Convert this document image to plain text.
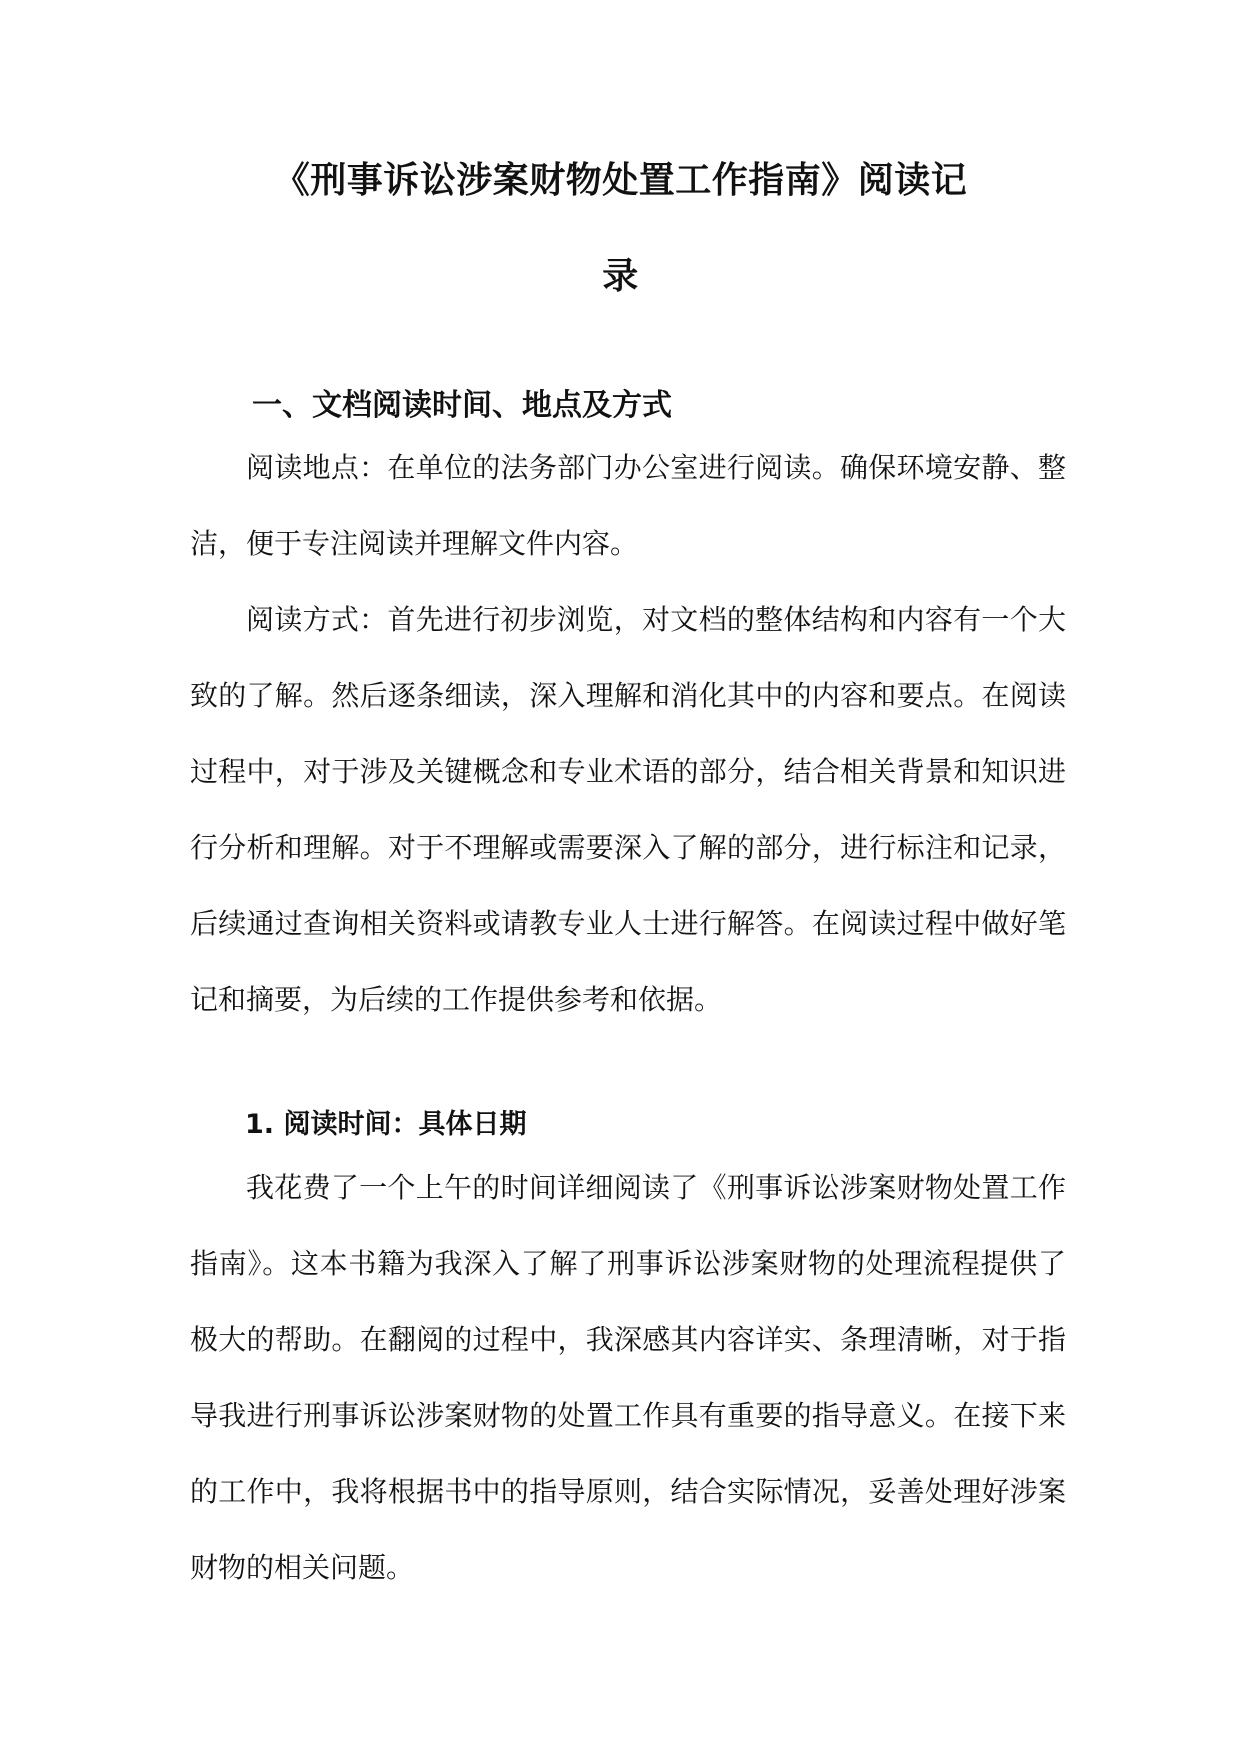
《刑事诉讼涉案财物处置工作指南》阅读记
录
一、文档阅读时间、地点及方式

阅读地点：在单位的法务部门办公室进行阅读。确保环境安静、整洁，便于专注阅读并理解文件内容。

阅读方式：首先进行初步浏览，对文档的整体结构和内容有一个大致的了解。然后逐条细读，深入理解和消化其中的内容和要点。在阅读过程中，对于涉及关键概念和专业术语的部分，结合相关背景和知识进行分析和理解。对于不理解或需要深入了解的部分，进行标注和记录，后续通过查询相关资料或请教专业人士进行解答。在阅读过程中做好笔记和摘要，为后续的工作提供参考和依据。

1. 阅读时间：具体日期

我花费了一个上午的时间详细阅读了《刑事诉讼涉案财物处置工作指南》。这本书籍为我深入了解了刑事诉讼涉案财物的处理流程提供了极大的帮助。在翻阅的过程中，我深感其内容详实、条理清晰，对于指导我进行刑事诉讼涉案财物的处置工作具有重要的指导意义。在接下来的工作中，我将根据书中的指导原则，结合实际情况，妥善处理好涉案财物的相关问题。
